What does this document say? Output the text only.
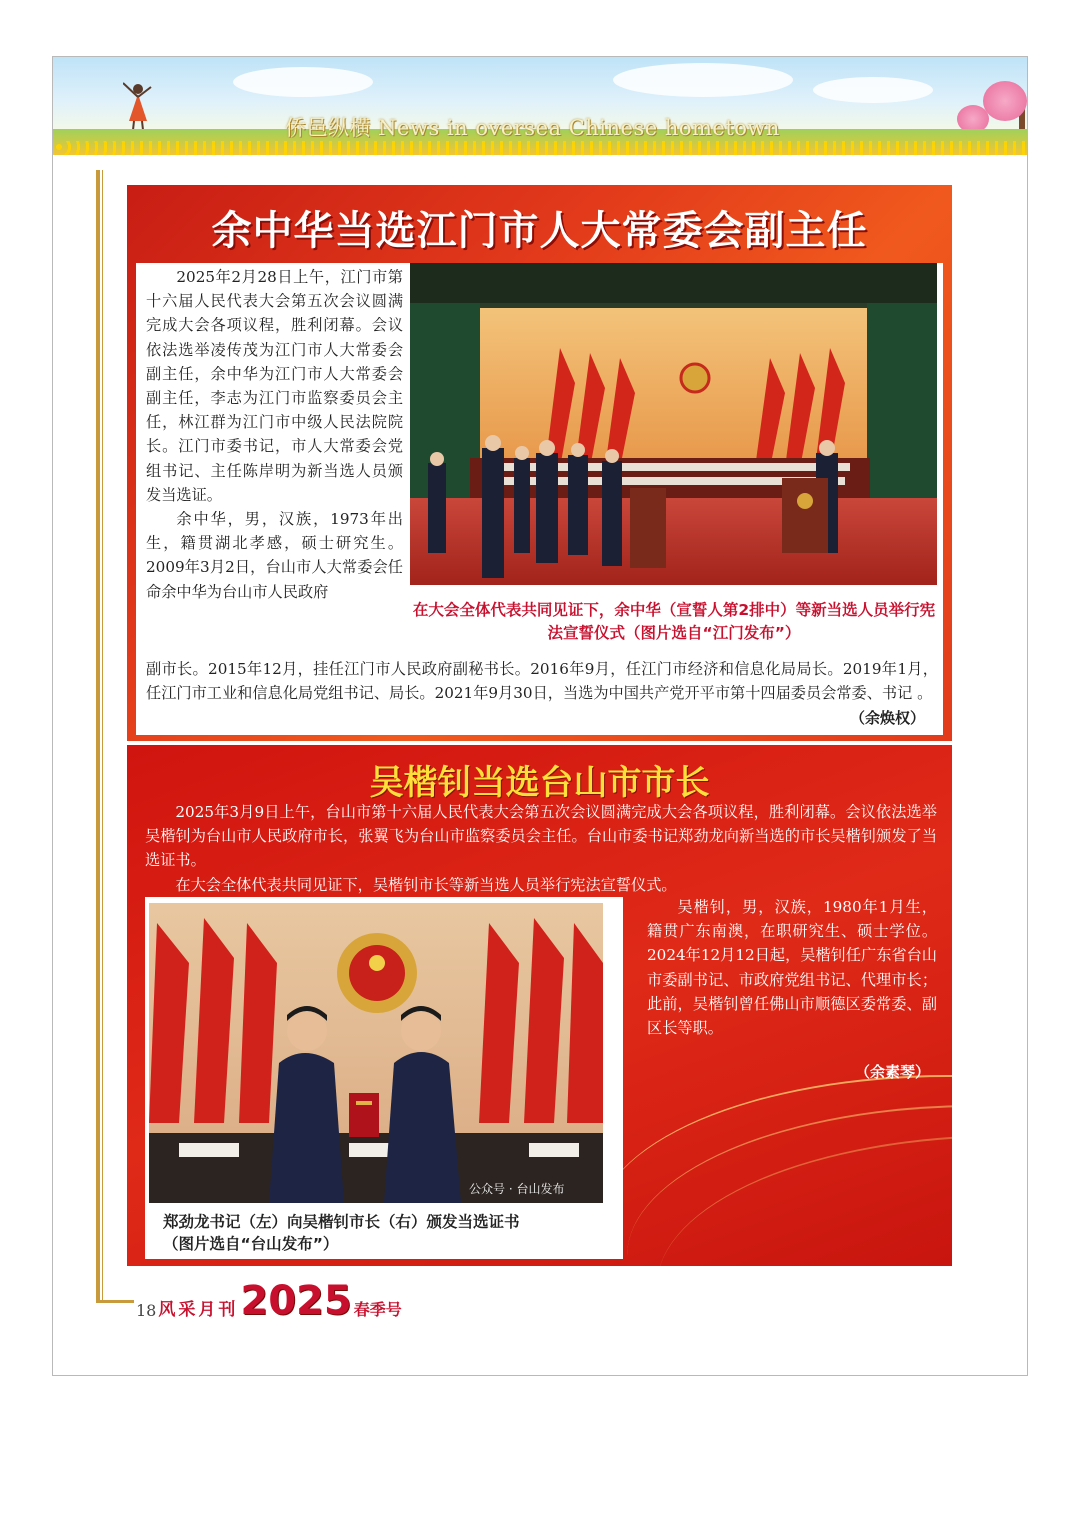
侨邑纵横 News in oversea Chinese hometown
余中华当选江门市人大常委会副主任

2025年2月28日上午，江门市第十六届人民代表大会第五次会议圆满完成大会各项议程，胜利闭幕。会议依法选举凌传茂为江门市人大常委会副主任，余中华为江门市人大常委会副主任，李志为江门市监察委员会主任，林江群为江门市中级人民法院院长。江门市委书记，市人大常委会党组书记、主任陈岸明为新当选人员颁发当选证。

余中华，男，汉族，1973年出生，籍贯湖北孝感，硕士研究生。2009年3月2日，台山市人大常委会任命余中华为台山市人民政府

在大会全体代表共同见证下，余中华（宣誓人第2排中）等新当选人员举行宪法宣誓仪式（图片选自“江门发布”）
副市长。2015年12月，挂任江门市人民政府副秘书长。2016年9月，任江门市经济和信息化局局长。2019年1月，任江门市工业和信息化局党组书记、局长。2021年9月30日，当选为中国共产党开平市第十四届委员会常委、书记 。
（余焕权）
吴楷钊当选台山市市长

2025年3月9日上午，台山市第十六届人民代表大会第五次会议圆满完成大会各项议程，胜利闭幕。会议依法选举吴楷钊为台山市人民政府市长，张翼飞为台山市监察委员会主任。台山市委书记郑劲龙向新当选的市长吴楷钊颁发了当选证书。

在大会全体代表共同见证下，吴楷钊市长等新当选人员举行宪法宣誓仪式。

吴楷钊，男，汉族，1980年1月生，籍贯广东南澳，在职研究生、硕士学位。2024年12月12日起，吴楷钊任广东省台山市委副书记、市政府党组书记、代理市长；此前，吴楷钊曾任佛山市顺德区委常委、副区长等职。

（余素琴）
公众号 · 台山发布
郑劲龙书记（左）向吴楷钊市长（右）颁发当选证书
（图片选自“台山发布”）
18 风采月刊 2025 春季号
